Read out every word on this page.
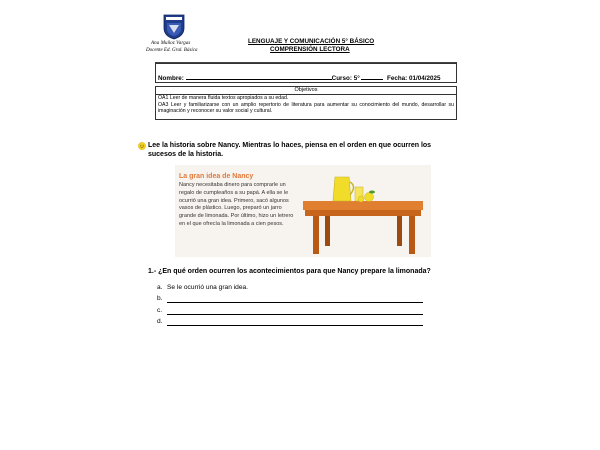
Ana Muñoz Vargas
Docente Ed. Gral. Básica
LENGUAJE Y COMUNICACIÓN 5° BÁSICO
COMPRENSIÓN LECTORA
Nombre:	Curso: 5°	Fecha: 01/04/2025
Objetivos
OA1 Leer de manera fluida textos apropiados a su edad.
OA3 Leer y familiarizarse con un amplio repertorio de literatura para aumentar su conocimiento del mundo, desarrollar su imaginación y reconocer su valor social y cultural.
Lee la historia sobre Nancy. Mientras lo haces, piensa en el orden en que ocurren los sucesos de la historia.
La gran idea de Nancy
Nancy necesitaba dinero para comprarle un regalo de cumpleaños a su papá. A ella se le ocurrió una gran idea. Primero, sacó algunos vasos de plástico. Luego, preparó un jarro grande de limonada. Por último, hizo un letrero en el que ofrecía la limonada a cien pesos.
1.- ¿En qué orden ocurren los acontecimientos para que Nancy prepare la limonada?
a. Se le ocurrió una gran idea.
b.
c.
d.
